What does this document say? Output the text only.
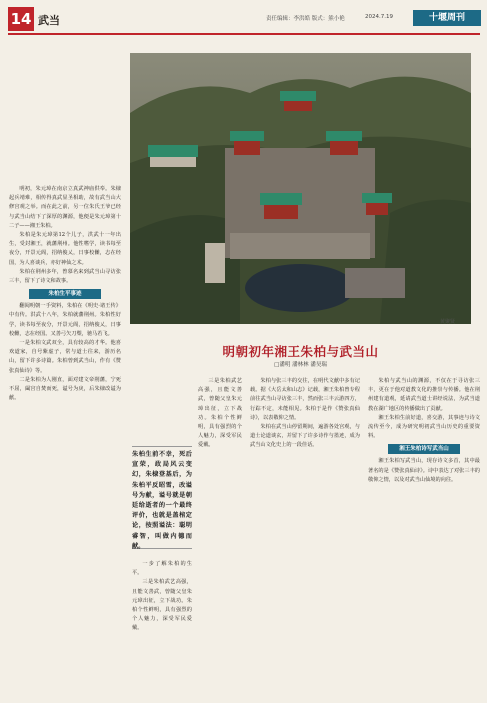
14 武当	责任编辑：李洪皓 版式：熊小艳	2024.7.19	十堰周刊
黄聚贤
明朝初年湘王朱柏与武当山
□潘明 潘林林 潘昊瑞

明初，朱元璋在南京立真武神庙供奉。朱棣起兵靖难，相传得真武显圣相助，故有武当山大修宫观之举。而在此之前，另一位朱氏王爷已经与武当山结下了深厚的渊源，他便是朱元璋第十二子——湘王朱柏。

朱柏是朱元璋第12个儿子，洪武十一年出生，受封湘王，就藩荆州。他性嗜学，读书每至夜分，开景元阁，招纳俊乂，日事校雠，志在经国，为人喜谈兵，亦好神仙之术。

朱柏在荆州多年，曾慕名来到武当山寻访张三丰，留下了诗文和故事。

朱柏生平事迹

翻阅明朝一手资料，朱柏在《明史·诸王传》中有传。洪武十八年，朱柏就藩荆州。朱柏性好学，读书每至夜分，开景元阁，招纳俊乂，日事校雠，志在经国。又善弓矢刀槊，驰马若飞。

一是朱柏文武双全，具有较高的才华。他喜欢道家，自号紫虚子，常与道士往来，游历名山，留下许多诗篇。朱柏曾到武当山，作有《赞张真仙诗》等。

二是朱柏为人刚直，面对建文帝削藩，宁死不屈，阖宫自焚而死，谥号为戾，后朱棣改谥为献。

朱柏生前不幸，死后宣荣，政局风云变幻，朱棣登基后，为朱柏平反昭雪，改谥号为献，谥号就是朝廷给逝者的一个最终评价，也就是盖棺定论，按照谥法：聪明睿智，叫做内德而献。

一步了解朱柏的生平。

三是朱柏武艺高强，且能文善武，曾随父皇朱元璋出征，立下战功。朱柏个性鲜明，具有强烈的个人魅力，深受军民爱戴。

三是朱柏武艺高强，且能文善武，曾随父皇朱元璋出征，立下战功。朱柏个性鲜明，具有强烈的个人魅力，深受军民爱戴。

朱柏与张三丰的交往，在明代文献中多有记载。据《大岳太和山志》记载，湘王朱柏曾专程前往武当山寻访张三丰，然而张三丰云游四方，行踪不定，未能相见。朱柏于是作《赞张真仙诗》，以表敬仰之情。

朱柏在武当山停留期间，遍游各处宫观，与道士论道谈玄，并留下了许多诗作与墨迹，成为武当山文化史上的一段佳话。

朱柏与武当山的渊源，不仅在于寻访张三丰，更在于他对道教文化的推崇与传播。他在荆州建有道观，延请武当道士讲经说法，为武当道教在湖广地区的传播做出了贡献。

湘王朱柏生前好道，喜交游，其事迹与诗文流传至今，成为研究明初武当山历史的重要资料。

湘王朱柏诗写武当山

湘王朱柏写武当山，现存诗文多首，其中最著名的是《赞张真仙诗》。诗中表达了对张三丰的敬仰之情，以及对武当山仙境的向往。
